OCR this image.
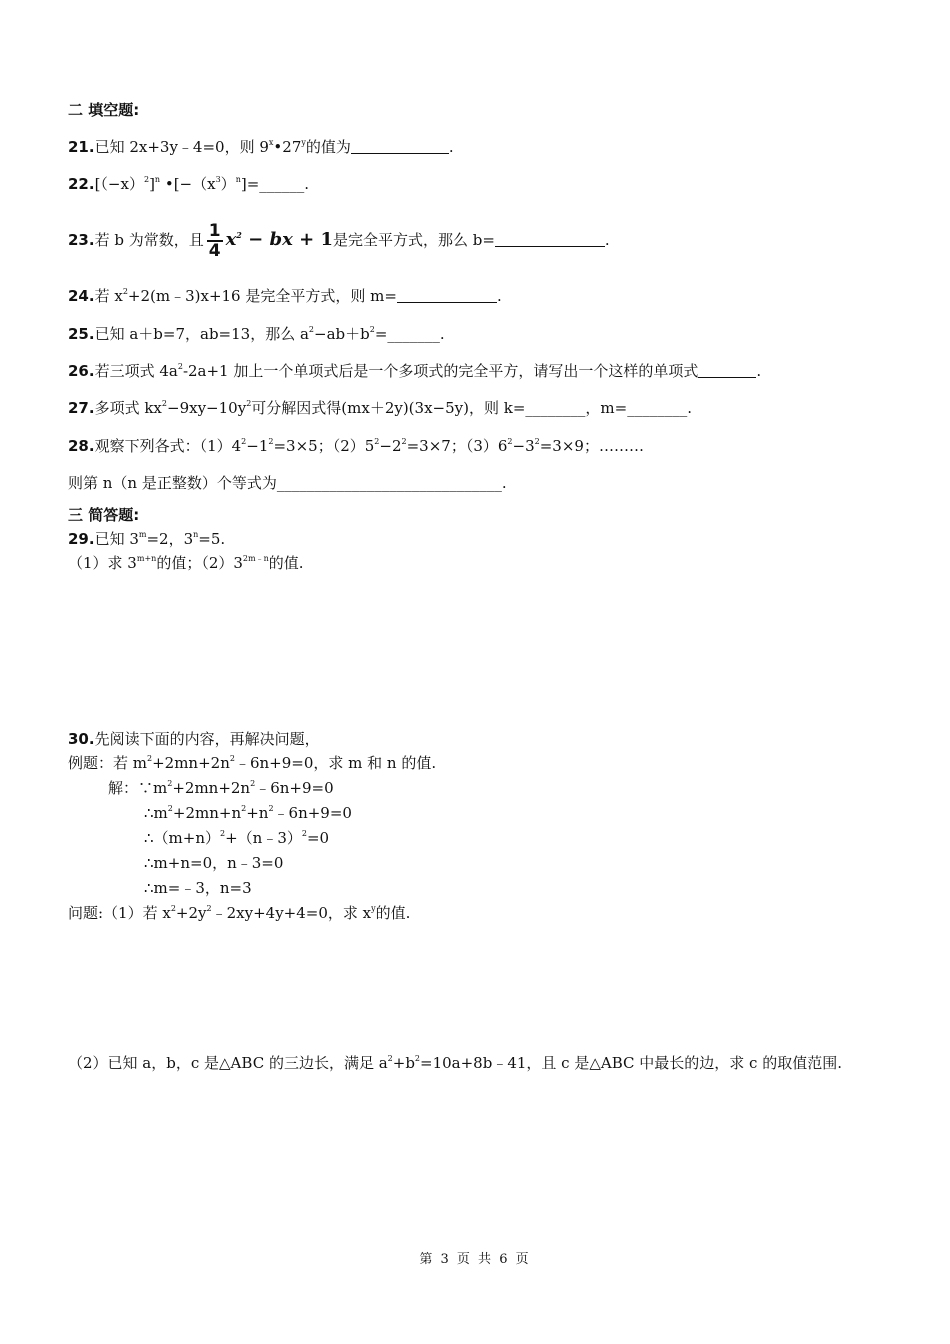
二 填空题:
21.已知 2x+3y﹣4=0，则 9$^x$•27$^y$的值为	.
$22.[(-x)^2]^n$ $•[-(x^3)^n]=\_\_\_\_\_\_$.
23.若 b 为常数，且 $\frac{1}{4} x^2$ − bx + 1是完全平方式，那么 b=	.
24.若 $x^2+2(m﹣3)x+16$ 是完全平方式，则 m=	.
25.已知 a＋b=7，ab=13，那么 $a^2-ab+b^2=\_\_\_\_\_\_\_$.
26.若三项式 $4a^2-2a+1$ 加上一个单项式后是一个多项式的完全平方，请写出一个这样的单项式	.
27.多项式 $kx^2-9xy-10y^2$可分解因式得(mx＋2y)(3x−5y)，则 k=________，m=________.
28.观察下列各式：$(1)4^2-1^2=3\times 5$；$(2)5^2-2^2=3\times 7$；$(3)6^2-3^2=3\times 9$；………
则第 n（n 是正整数）个等式为______________________________.
三 简答题:
29.已知 $3^m=2$，$3^n=5$.
（1）求 $3^{m+n}$的值；$(2)3^{2m﹣n}$的值.
30.先阅读下面的内容，再解决问题，
例题：若 $m^2+2mn+2n^2﹣6n+9=0$，求 m 和 n 的值.
解：$\because m^2+2mn+2n^2﹣6n+9=0$
$\therefore m^2+2mn+n^2+n^2﹣6n+9=0$
$\therefore(m+n)^2+(n﹣3)^2=0$
∴m+n=0，n﹣3=0
∴m=﹣3，n=3
问题:（1）若 $x^2+2y^2﹣2xy+4y+4=0$，求 $x^y$的值.
（2）已知 a，b，c 是△ABC 的三边长，满足 $a^2+b^2=10a+8b﹣41$，且 c 是△ABC 中最长的边，求 c 的取值范围.
第 3 页 共 6 页
